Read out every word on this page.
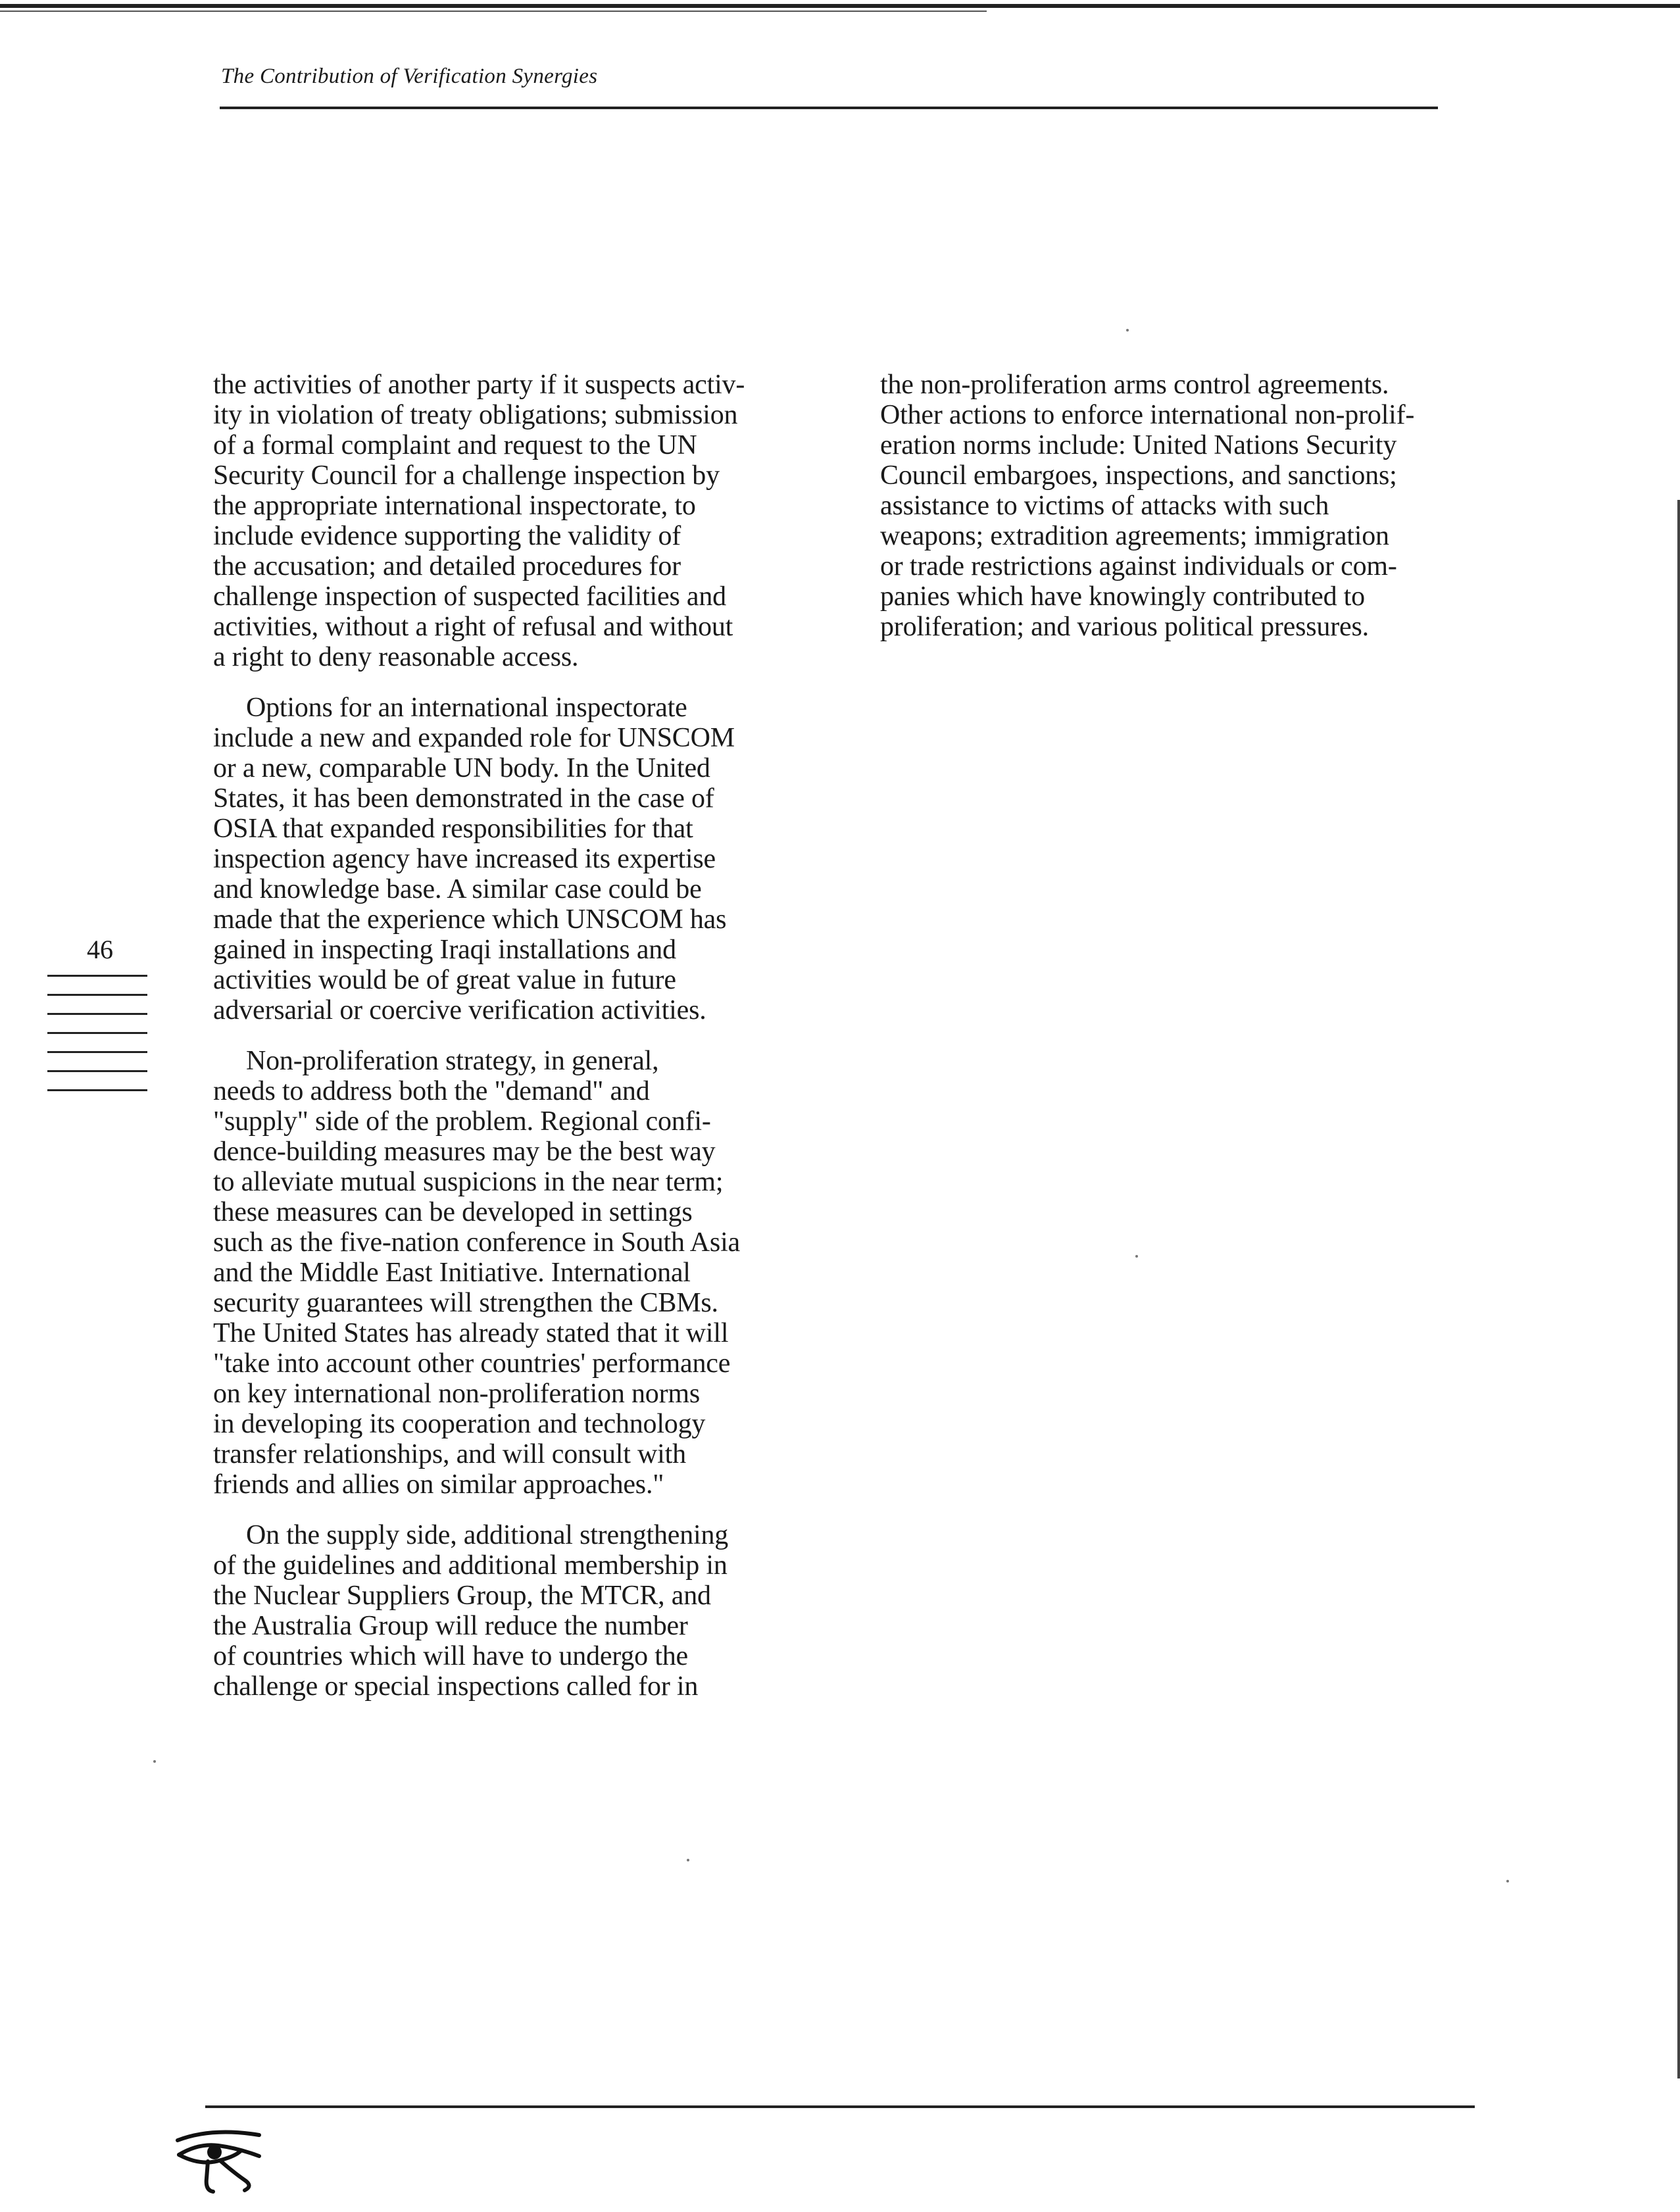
The Contribution of Verification Synergies
the activities of another party if it suspects activ-
ity in violation of treaty obligations; submission
of a formal complaint and request to the UN
Security Council for a challenge inspection by
the appropriate international inspectorate, to
include evidence supporting the validity of
the accusation; and detailed procedures for
challenge inspection of suspected facilities and
activities, without a right of refusal and without
a right to deny reasonable access.
Options for an international inspectorate
include a new and expanded role for UNSCOM
or a new, comparable UN body. In the United
States, it has been demonstrated in the case of
OSIA that expanded responsibilities for that
inspection agency have increased its expertise
and knowledge base. A similar case could be
made that the experience which UNSCOM has
gained in inspecting Iraqi installations and
activities would be of great value in future
adversarial or coercive verification activities.
Non-proliferation strategy, in general,
needs to address both the "demand" and
"supply" side of the problem. Regional confi-
dence-building measures may be the best way
to alleviate mutual suspicions in the near term;
these measures can be developed in settings
such as the five-nation conference in South Asia
and the Middle East Initiative. International
security guarantees will strengthen the CBMs.
The United States has already stated that it will
"take into account other countries' performance
on key international non-proliferation norms
in developing its cooperation and technology
transfer relationships, and will consult with
friends and allies on similar approaches."
On the supply side, additional strengthening
of the guidelines and additional membership in
the Nuclear Suppliers Group, the MTCR, and
the Australia Group will reduce the number
of countries which will have to undergo the
challenge or special inspections called for in
the non-proliferation arms control agreements.
Other actions to enforce international non-prolif-
eration norms include: United Nations Security
Council embargoes, inspections, and sanctions;
assistance to victims of attacks with such
weapons; extradition agreements; immigration
or trade restrictions against individuals or com-
panies which have knowingly contributed to
proliferation; and various political pressures.
46
